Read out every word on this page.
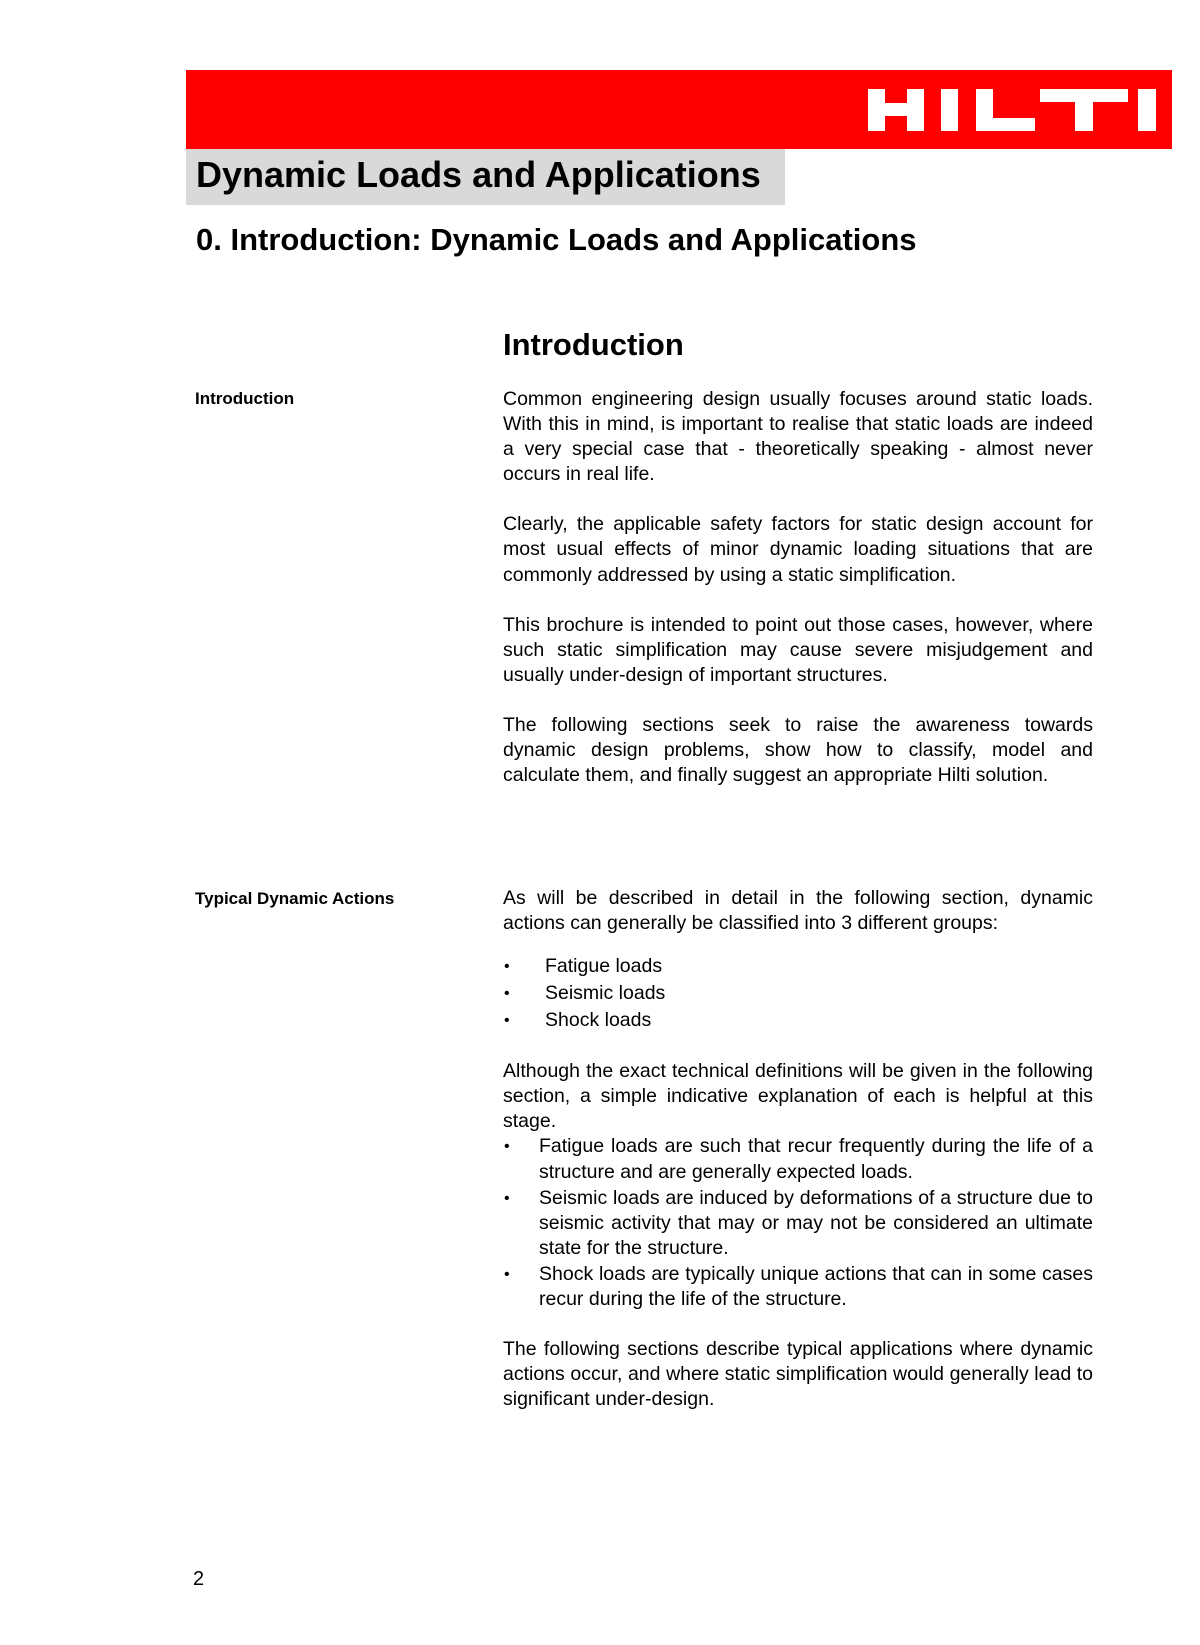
Dynamic Loads and Applications
0. Introduction: Dynamic Loads and Applications
Introduction

Introduction

Typical Dynamic Actions

Common engineering design usually focuses around static loads. With this in mind, is important to realise that static loads are indeed a very special case that - theoretically speaking - almost never occurs in real life.

Clearly, the applicable safety factors for static design account for most usual effects of minor dynamic loading situations that are commonly addressed by using a static simplification.

This brochure is intended to point out those cases, however, where such static simplification may cause severe misjudgement and usually under-design of important structures.

The following sections seek to raise the awareness towards dynamic design problems, show how to classify, model and calculate them, and finally suggest an appropriate Hilti solution.

As will be described in detail in the following section, dynamic actions can generally be classified into 3 different groups:

• Fatigue loads
• Seismic loads
• Shock loads

Although the exact technical definitions will be given in the following section, a simple indicative explanation of each is helpful at this stage.

• Fatigue loads are such that recur frequently during the life of a structure and are generally expected loads.
• Seismic loads are induced by deformations of a structure due to seismic activity that may or may not be considered an ultimate state for the structure.
• Shock loads are typically unique actions that can in some cases recur during the life of the structure.

The following sections describe typical applications where dynamic actions occur, and where static simplification would generally lead to significant under-design.

2
